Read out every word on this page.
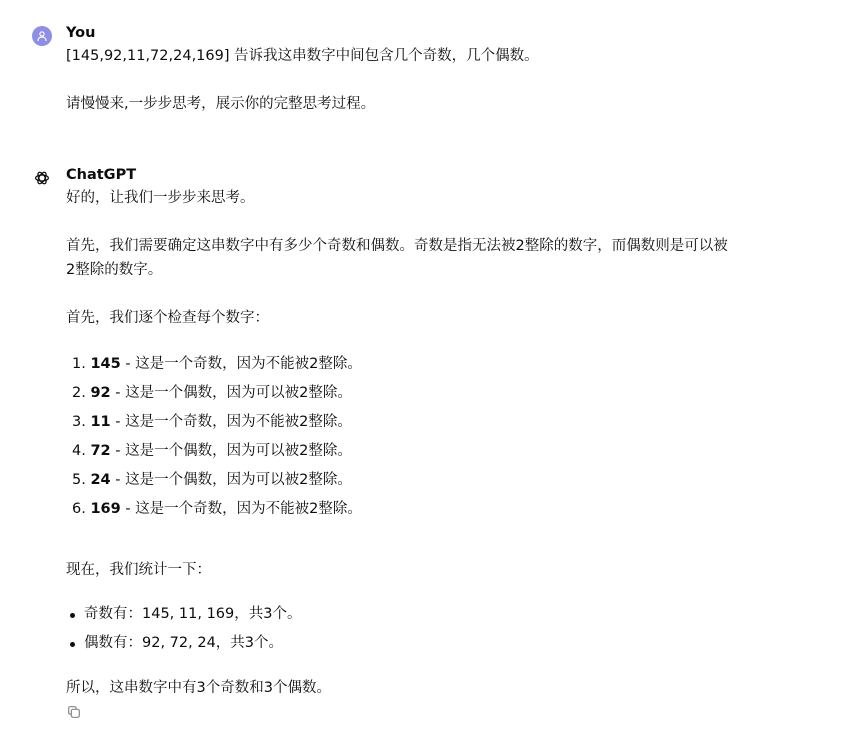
You

[145,92,11,72,24,169] 告诉我这串数字中间包含几个奇数，几个偶数。

请慢慢来,一步步思考，展示你的完整思考过程。

ChatGPT

好的，让我们一步步来思考。

首先，我们需要确定这串数字中有多少个奇数和偶数。奇数是指无法被2整除的数字，而偶数则是可以被

2整除的数字。

首先，我们逐个检查每个数字：

1. 145 - 这是一个奇数，因为不能被2整除。
2. 92 - 这是一个偶数，因为可以被2整除。
3. 11 - 这是一个奇数，因为不能被2整除。
4. 72 - 这是一个偶数，因为可以被2整除。
5. 24 - 这是一个偶数，因为可以被2整除。
6. 169 - 这是一个奇数，因为不能被2整除。

现在，我们统计一下：

奇数有：145, 11, 169，共3个。
偶数有：92, 72, 24，共3个。

所以，这串数字中有3个奇数和3个偶数。
